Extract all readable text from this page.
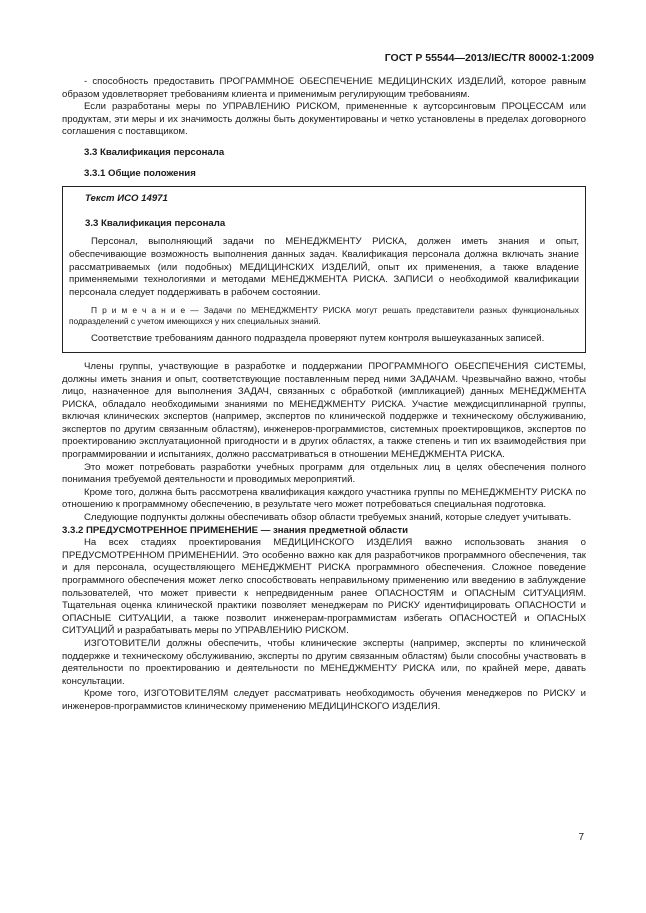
ГОСТ Р 55544—2013/IEC/TR 80002-1:2009

- способность предоставить ПРОГРАММНОЕ ОБЕСПЕЧЕНИЕ МЕДИЦИНСКИХ ИЗДЕЛИЙ, которое равным образом удовлетворяет требованиям клиента и применимым регулирующим требованиям.

Если разработаны меры по УПРАВЛЕНИЮ РИСКОМ, примененные к аутсорсинговым ПРОЦЕССАМ или продуктам, эти меры и их значимость должны быть документированы и четко установлены в пределах договорного соглашения с поставщиком.

3.3 Квалификация персонала

3.3.1 Общие положения

Текст ИСО 14971

3.3 Квалификация персонала

Персонал, выполняющий задачи по МЕНЕДЖМЕНТУ РИСКА, должен иметь знания и опыт, обеспечивающие возможность выполнения данных задач. Квалификация персонала должна включать знание рассматриваемых (или подобных) МЕДИЦИНСКИХ ИЗДЕЛИЙ, опыт их применения, а также владение применяемыми технологиями и методами МЕНЕДЖМЕНТА РИСКА. ЗАПИСИ о необходимой квалификации персонала следует поддерживать в рабочем состоянии.

П р и м е ч а н и е — Задачи по МЕНЕДЖМЕНТУ РИСКА могут решать представители разных функциональных подразделений с учетом имеющихся у них специальных знаний.

Соответствие требованиям данного подраздела проверяют путем контроля вышеуказанных записей.

Члены группы, участвующие в разработке и поддержании ПРОГРАММНОГО ОБЕСПЕЧЕНИЯ СИСТЕМЫ, должны иметь знания и опыт, соответствующие поставленным перед ними ЗАДАЧАМ. Чрезвычайно важно, чтобы лицо, назначенное для выполнения ЗАДАЧ, связанных с обработкой (импликацией) данных МЕНЕДЖМЕНТА РИСКА, обладало необходимыми знаниями по МЕНЕДЖМЕНТУ РИСКА. Участие междисциплинарной группы, включая клинических экспертов (например, экспертов по клинической поддержке и техническому обслуживанию, экспертов по другим связанным областям), инженеров-программистов, системных проектировщиков, экспертов по проектированию эксплуатационной пригодности и в других областях, а также степень и тип их взаимодействия при программировании и испытаниях, должно рассматриваться в отношении МЕНЕДЖМЕНТА РИСКА.

Это может потребовать разработки учебных программ для отдельных лиц в целях обеспечения полного понимания требуемой деятельности и проводимых мероприятий.

Кроме того, должна быть рассмотрена квалификация каждого участника группы по МЕНЕДЖМЕНТУ РИСКА по отношению к программному обеспечению, в результате чего может потребоваться специальная подготовка.

Следующие подпункты должны обеспечивать обзор области требуемых знаний, которые следует учитывать.

3.3.2 ПРЕДУСМОТРЕННОЕ ПРИМЕНЕНИЕ — знания предметной области

На всех стадиях проектирования МЕДИЦИНСКОГО ИЗДЕЛИЯ важно использовать знания о ПРЕДУСМОТРЕННОМ ПРИМЕНЕНИИ. Это особенно важно как для разработчиков программного обеспечения, так и для персонала, осуществляющего МЕНЕДЖМЕНТ РИСКА программного обеспечения. Сложное поведение программного обеспечения может легко способствовать неправильному применению или введению в заблуждение пользователей, что может привести к непредвиденным ранее ОПАСНОСТЯМ и ОПАСНЫМ СИТУАЦИЯМ. Тщательная оценка клинической практики позволяет менеджерам по РИСКУ идентифицировать ОПАСНОСТИ и ОПАСНЫЕ СИТУАЦИИ, а также позволит инженерам-программистам избегать ОПАСНОСТЕЙ и ОПАСНЫХ СИТУАЦИЙ и разрабатывать меры по УПРАВЛЕНИЮ РИСКОМ.

ИЗГОТОВИТЕЛИ должны обеспечить, чтобы клинические эксперты (например, эксперты по клинической поддержке и техническому обслуживанию, эксперты по другим связанным областям) были способны участвовать в деятельности по проектированию и деятельности по МЕНЕДЖМЕНТУ РИСКА или, по крайней мере, давать консультации.

Кроме того, ИЗГОТОВИТЕЛЯМ следует рассматривать необходимость обучения менеджеров по РИСКУ и инженеров-программистов клиническому применению МЕДИЦИНСКОГО ИЗДЕЛИЯ.

7
